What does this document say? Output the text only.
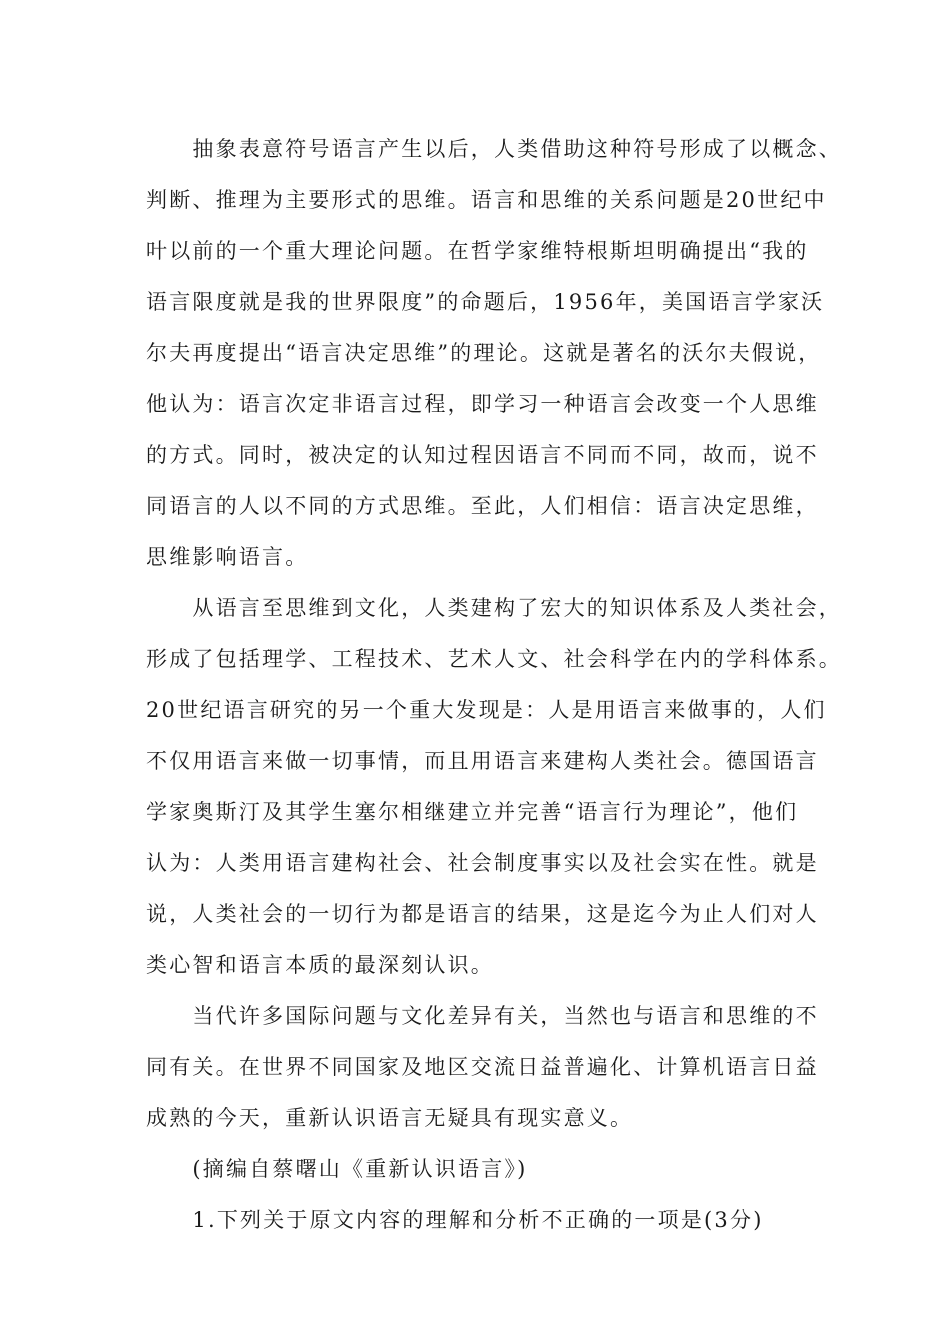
　　抽象表意符号语言产生以后，人类借助这种符号形成了以概念、
判断、推理为主要形式的思维。语言和思维的关系问题是20世纪中
叶以前的一个重大理论问题。在哲学家维特根斯坦明确提出“我的
语言限度就是我的世界限度”的命题后，1956年，美国语言学家沃
尔夫再度提出“语言决定思维”的理论。这就是著名的沃尔夫假说，
他认为：语言次定非语言过程，即学习一种语言会改变一个人思维
的方式。同时，被决定的认知过程因语言不同而不同，故而，说不
同语言的人以不同的方式思维。至此，人们相信：语言决定思维，
思维影响语言。
　　从语言至思维到文化，人类建构了宏大的知识体系及人类社会，
形成了包括理学、工程技术、艺术人文、社会科学在内的学科体系。
20世纪语言研究的另一个重大发现是：人是用语言来做事的，人们
不仅用语言来做一切事情，而且用语言来建构人类社会。德国语言
学家奥斯汀及其学生塞尔相继建立并完善“语言行为理论”，他们
认为：人类用语言建构社会、社会制度事实以及社会实在性。就是
说，人类社会的一切行为都是语言的结果，这是迄今为止人们对人
类心智和语言本质的最深刻认识。
　　当代许多国际问题与文化差异有关，当然也与语言和思维的不
同有关。在世界不同国家及地区交流日益普遍化、计算机语言日益
成熟的今天，重新认识语言无疑具有现实意义。
　　(摘编自蔡曙山《重新认识语言》)
　　1.下列关于原文内容的理解和分析不正确的一项是(3分)
